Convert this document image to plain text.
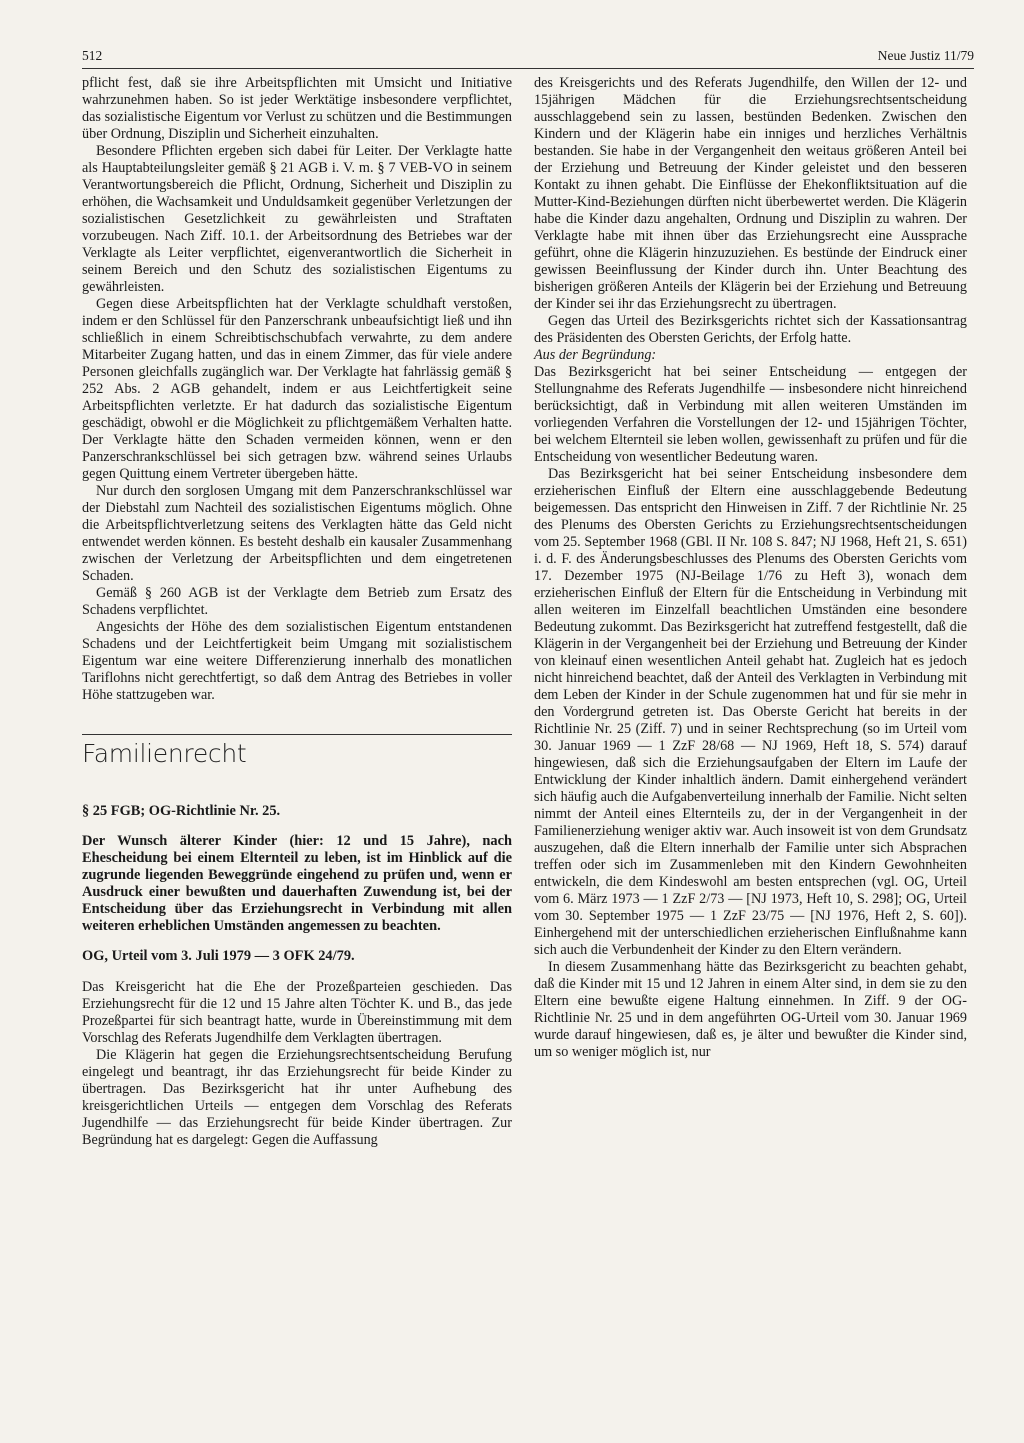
512	Neue Justiz 11/79

pflicht fest, daß sie ihre Arbeitspflichten mit Umsicht und Initiative wahrzunehmen haben. So ist jeder Werktätige insbesondere verpflichtet, das sozialistische Eigentum vor Verlust zu schützen und die Bestimmungen über Ordnung, Disziplin und Sicherheit einzuhalten.

Besondere Pflichten ergeben sich dabei für Leiter. Der Verklagte hatte als Hauptabteilungsleiter gemäß § 21 AGB i. V. m. § 7 VEB-VO in seinem Verantwortungsbereich die Pflicht, Ordnung, Sicherheit und Disziplin zu erhöhen, die Wachsamkeit und Unduldsamkeit gegenüber Verletzungen der sozialistischen Gesetzlichkeit zu gewährleisten und Straftaten vorzubeugen. Nach Ziff. 10.1. der Arbeitsordnung des Betriebes war der Verklagte als Leiter verpflichtet, eigenverantwortlich die Sicherheit in seinem Bereich und den Schutz des sozialistischen Eigentums zu gewährleisten.

Gegen diese Arbeitspflichten hat der Verklagte schuldhaft verstoßen, indem er den Schlüssel für den Panzerschrank unbeaufsichtigt ließ und ihn schließlich in einem Schreibtischschubfach verwahrte, zu dem andere Mitarbeiter Zugang hatten, und das in einem Zimmer, das für viele andere Personen gleichfalls zugänglich war. Der Verklagte hat fahrlässig gemäß § 252 Abs. 2 AGB gehandelt, indem er aus Leichtfertigkeit seine Arbeitspflichten verletzte. Er hat dadurch das sozialistische Eigentum geschädigt, obwohl er die Möglichkeit zu pflichtgemäßem Verhalten hatte. Der Verklagte hätte den Schaden vermeiden können, wenn er den Panzerschrankschlüssel bei sich getragen bzw. während seines Urlaubs gegen Quittung einem Vertreter übergeben hätte.

Nur durch den sorglosen Umgang mit dem Panzerschrankschlüssel war der Diebstahl zum Nachteil des sozialistischen Eigentums möglich. Ohne die Arbeitspflichtverletzung seitens des Verklagten hätte das Geld nicht entwendet werden können. Es besteht deshalb ein kausaler Zusammenhang zwischen der Verletzung der Arbeitspflichten und dem eingetretenen Schaden.

Gemäß § 260 AGB ist der Verklagte dem Betrieb zum Ersatz des Schadens verpflichtet.

Angesichts der Höhe des dem sozialistischen Eigentum entstandenen Schadens und der Leichtfertigkeit beim Umgang mit sozialistischem Eigentum war eine weitere Differenzierung innerhalb des monatlichen Tariflohns nicht gerechtfertigt, so daß dem Antrag des Betriebes in voller Höhe stattzugeben war.

Familienrecht
§ 25 FGB; OG-Richtlinie Nr. 25.
Der Wunsch älterer Kinder (hier: 12 und 15 Jahre), nach Ehescheidung bei einem Elternteil zu leben, ist im Hinblick auf die zugrunde liegenden Beweggründe eingehend zu prüfen und, wenn er Ausdruck einer bewußten und dauerhaften Zuwendung ist, bei der Entscheidung über das Erziehungsrecht in Verbindung mit allen weiteren erheblichen Umständen angemessen zu beachten.
OG, Urteil vom 3. Juli 1979 — 3 OFK 24/79.

Das Kreisgericht hat die Ehe der Prozeßparteien geschieden. Das Erziehungsrecht für die 12 und 15 Jahre alten Töchter K. und B., das jede Prozeßpartei für sich beantragt hatte, wurde in Übereinstimmung mit dem Vorschlag des Referats Jugendhilfe dem Verklagten übertragen.

Die Klägerin hat gegen die Erziehungsrechtsentscheidung Berufung eingelegt und beantragt, ihr das Erziehungsrecht für beide Kinder zu übertragen. Das Bezirksgericht hat ihr unter Aufhebung des kreisgerichtlichen Urteils — entgegen dem Vorschlag des Referats Jugendhilfe — das Erziehungsrecht für beide Kinder übertragen. Zur Begründung hat es dargelegt: Gegen die Auffassung

des Kreisgerichts und des Referats Jugendhilfe, den Willen der 12- und 15jährigen Mädchen für die Erziehungsrechtsentscheidung ausschlaggebend sein zu lassen, bestünden Bedenken. Zwischen den Kindern und der Klägerin habe ein inniges und herzliches Verhältnis bestanden. Sie habe in der Vergangenheit den weitaus größeren Anteil bei der Erziehung und Betreuung der Kinder geleistet und den besseren Kontakt zu ihnen gehabt. Die Einflüsse der Ehekonfliktsituation auf die Mutter-Kind-Beziehungen dürften nicht überbewertet werden. Die Klägerin habe die Kinder dazu angehalten, Ordnung und Disziplin zu wahren. Der Verklagte habe mit ihnen über das Erziehungsrecht eine Aussprache geführt, ohne die Klägerin hinzuzuziehen. Es bestünde der Eindruck einer gewissen Beeinflussung der Kinder durch ihn. Unter Beachtung des bisherigen größeren Anteils der Klägerin bei der Erziehung und Betreuung der Kinder sei ihr das Erziehungsrecht zu übertragen.

Gegen das Urteil des Bezirksgerichts richtet sich der Kassationsantrag des Präsidenten des Obersten Gerichts, der Erfolg hatte.

Aus der Begründung:

Das Bezirksgericht hat bei seiner Entscheidung — entgegen der Stellungnahme des Referats Jugendhilfe — insbesondere nicht hinreichend berücksichtigt, daß in Verbindung mit allen weiteren Umständen im vorliegenden Verfahren die Vorstellungen der 12- und 15jährigen Töchter, bei welchem Elternteil sie leben wollen, gewissenhaft zu prüfen und für die Entscheidung von wesentlicher Bedeutung waren.

Das Bezirksgericht hat bei seiner Entscheidung insbesondere dem erzieherischen Einfluß der Eltern eine ausschlaggebende Bedeutung beigemessen. Das entspricht den Hinweisen in Ziff. 7 der Richtlinie Nr. 25 des Plenums des Obersten Gerichts zu Erziehungsrechtsentscheidungen vom 25. September 1968 (GBl. II Nr. 108 S. 847; NJ 1968, Heft 21, S. 651) i. d. F. des Änderungsbeschlusses des Plenums des Obersten Gerichts vom 17. Dezember 1975 (NJ-Beilage 1/76 zu Heft 3), wonach dem erzieherischen Einfluß der Eltern für die Entscheidung in Verbindung mit allen weiteren im Einzelfall beachtlichen Umständen eine besondere Bedeutung zukommt. Das Bezirksgericht hat zutreffend festgestellt, daß die Klägerin in der Vergangenheit bei der Erziehung und Betreuung der Kinder von kleinauf einen wesentlichen Anteil gehabt hat. Zugleich hat es jedoch nicht hinreichend beachtet, daß der Anteil des Verklagten in Verbindung mit dem Leben der Kinder in der Schule zugenommen hat und für sie mehr in den Vordergrund getreten ist. Das Oberste Gericht hat bereits in der Richtlinie Nr. 25 (Ziff. 7) und in seiner Rechtsprechung (so im Urteil vom 30. Januar 1969 — 1 ZzF 28/68 — NJ 1969, Heft 18, S. 574) darauf hingewiesen, daß sich die Erziehungsaufgaben der Eltern im Laufe der Entwicklung der Kinder inhaltlich ändern. Damit einhergehend verändert sich häufig auch die Aufgabenverteilung innerhalb der Familie. Nicht selten nimmt der Anteil eines Elternteils zu, der in der Vergangenheit in der Familienerziehung weniger aktiv war. Auch insoweit ist von dem Grundsatz auszugehen, daß die Eltern innerhalb der Familie unter sich Absprachen treffen oder sich im Zusammenleben mit den Kindern Gewohnheiten entwickeln, die dem Kindeswohl am besten entsprechen (vgl. OG, Urteil vom 6. März 1973 — 1 ZzF 2/73 — [NJ 1973, Heft 10, S. 298]; OG, Urteil vom 30. September 1975 — 1 ZzF 23/75 — [NJ 1976, Heft 2, S. 60]). Einhergehend mit der unterschiedlichen erzieherischen Einflußnahme kann sich auch die Verbundenheit der Kinder zu den Eltern verändern.

In diesem Zusammenhang hätte das Bezirksgericht zu beachten gehabt, daß die Kinder mit 15 und 12 Jahren in einem Alter sind, in dem sie zu den Eltern eine bewußte eigene Haltung einnehmen. In Ziff. 9 der OG-Richtlinie Nr. 25 und in dem angeführten OG-Urteil vom 30. Januar 1969 wurde darauf hingewiesen, daß es, je älter und bewußter die Kinder sind, um so weniger möglich ist, nur
